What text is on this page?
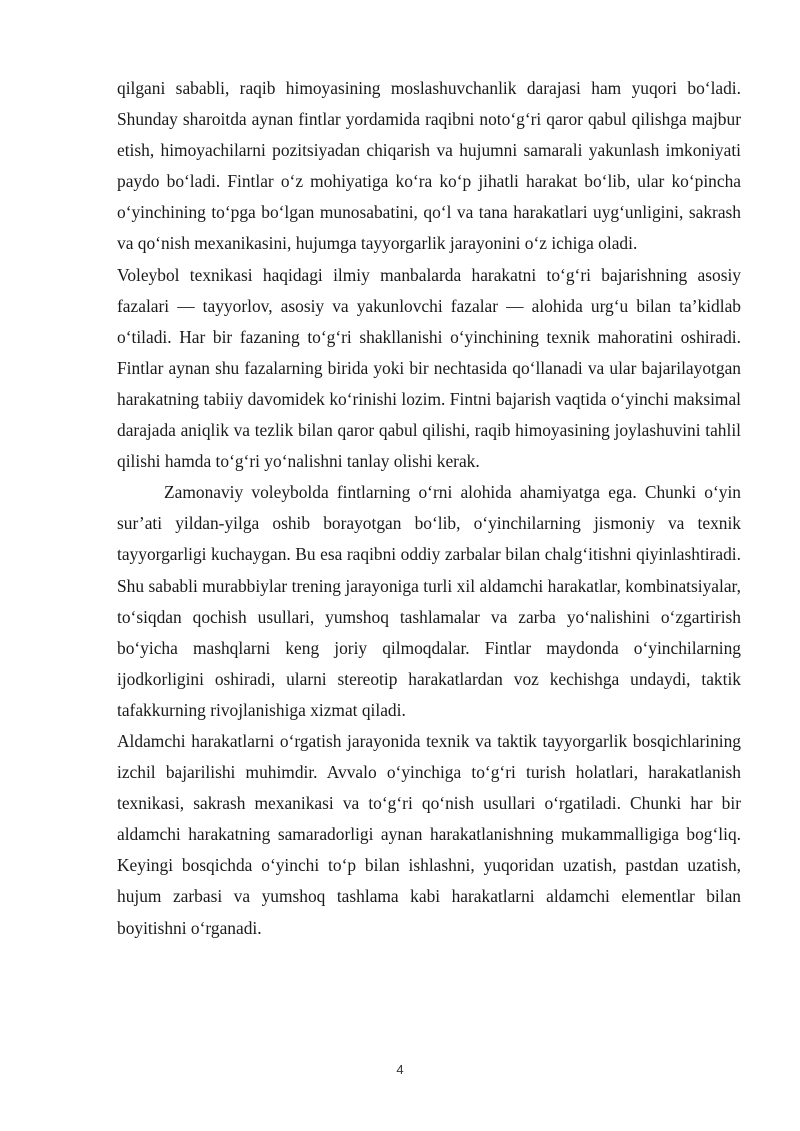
qilgani sababli, raqib himoyasining moslashuvchanlik darajasi ham yuqori bo‘ladi. Shunday sharoitda aynan fintlar yordamida raqibni noto‘g‘ri qaror qabul qilishga majbur etish, himoyachilarni pozitsiyadan chiqarish va hujumni samarali yakunlash imkoniyati paydo bo‘ladi. Fintlar o‘z mohiyatiga ko‘ra ko‘p jihatli harakat bo‘lib, ular ko‘pincha o‘yinchining to‘pga bo‘lgan munosabatini, qo‘l va tana harakatlari uyg‘unligini, sakrash va qo‘nish mexanikasini, hujumga tayyorgarlik jarayonini o‘z ichiga oladi.

Voleybol texnikasi haqidagi ilmiy manbalarda harakatni to‘g‘ri bajarishning asosiy fazalari — tayyorlov, asosiy va yakunlovchi fazalar — alohida urg‘u bilan ta’kidlab o‘tiladi. Har bir fazaning to‘g‘ri shakllanishi o‘yinchining texnik mahoratini oshiradi. Fintlar aynan shu fazalarning birida yoki bir nechtasida qo‘llanadi va ular bajarilayotgan harakatning tabiiy davomidek ko‘rinishi lozim. Fintni bajarish vaqtida o‘yinchi maksimal darajada aniqlik va tezlik bilan qaror qabul qilishi, raqib himoyasining joylashuvini tahlil qilishi hamda to‘g‘ri yo‘nalishni tanlay olishi kerak.

Zamonaviy voleybolda fintlarning o‘rni alohida ahamiyatga ega. Chunki o‘yin sur’ati yildan-yilga oshib borayotgan bo‘lib, o‘yinchilarning jismoniy va texnik tayyorgarligi kuchaygan. Bu esa raqibni oddiy zarbalar bilan chalg‘itishni qiyinlashtiradi. Shu sababli murabbiylar trening jarayoniga turli xil aldamchi harakatlar, kombinatsiyalar, to‘siqdan qochish usullari, yumshoq tashlamalar va zarba yo‘nalishini o‘zgartirish bo‘yicha mashqlarni keng joriy qilmoqdalar. Fintlar maydonda o‘yinchilarning ijodkorligini oshiradi, ularni stereotip harakatlardan voz kechishga undaydi, taktik tafakkurning rivojlanishiga xizmat qiladi.

Aldamchi harakatlarni o‘rgatish jarayonida texnik va taktik tayyorgarlik bosqichlarining izchil bajarilishi muhimdir. Avvalo o‘yinchiga to‘g‘ri turish holatlari, harakatlanish texnikasi, sakrash mexanikasi va to‘g‘ri qo‘nish usullari o‘rgatiladi. Chunki har bir aldamchi harakatning samaradorligi aynan harakatlanishning mukammalligiga bog‘liq. Keyingi bosqichda o‘yinchi to‘p bilan ishlashni, yuqoridan uzatish, pastdan uzatish, hujum zarbasi va yumshoq tashlama kabi harakatlarni aldamchi elementlar bilan boyitishni o‘rganadi.

4
